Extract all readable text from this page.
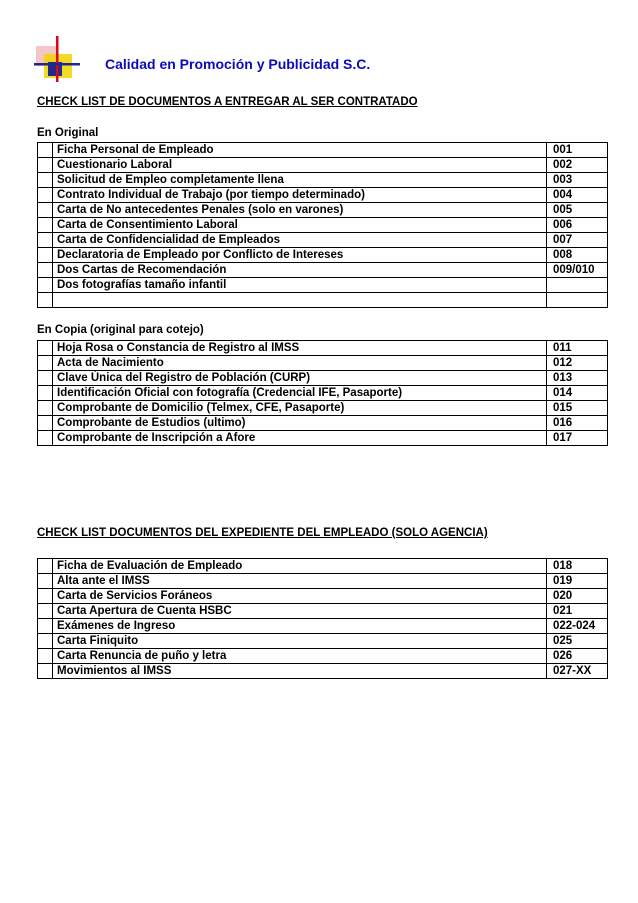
Calidad en Promoción y Publicidad S.C.
CHECK LIST DE DOCUMENTOS A ENTREGAR AL SER CONTRATADO
En Original
	Ficha Personal de Empleado	001
	Cuestionario Laboral	002
	Solicitud de Empleo completamente llena	003
	Contrato Individual de Trabajo (por tiempo determinado)	004
	Carta de No antecedentes Penales (solo en varones)	005
	Carta de Consentimiento Laboral	006
	Carta de Confidencialidad de Empleados	007
	Declaratoria de Empleado por Conflicto de Intereses	008
	Dos Cartas de Recomendación	009/010
	Dos fotografías tamaño infantil	

En Copia (original para cotejo)
	Hoja Rosa o Constancia de Registro al IMSS	011
	Acta de Nacimiento	012
	Clave Única del Registro de Población (CURP)	013
	Identificación Oficial con fotografía (Credencial IFE, Pasaporte)	014
	Comprobante de Domicilio (Telmex, CFE, Pasaporte)	015
	Comprobante de Estudios (ultimo)	016
	Comprobante de Inscripción a Afore	017
CHECK LIST DOCUMENTOS DEL EXPEDIENTE DEL EMPLEADO (SOLO AGENCIA)
	Ficha de Evaluación de Empleado	018
	Alta ante el IMSS	019
	Carta de Servicios Foráneos	020
	Carta Apertura de Cuenta HSBC	021
	Exámenes de Ingreso	022-024
	Carta Finiquito	025
	Carta Renuncia de puño y letra	026
	Movimientos al IMSS	027-XX
